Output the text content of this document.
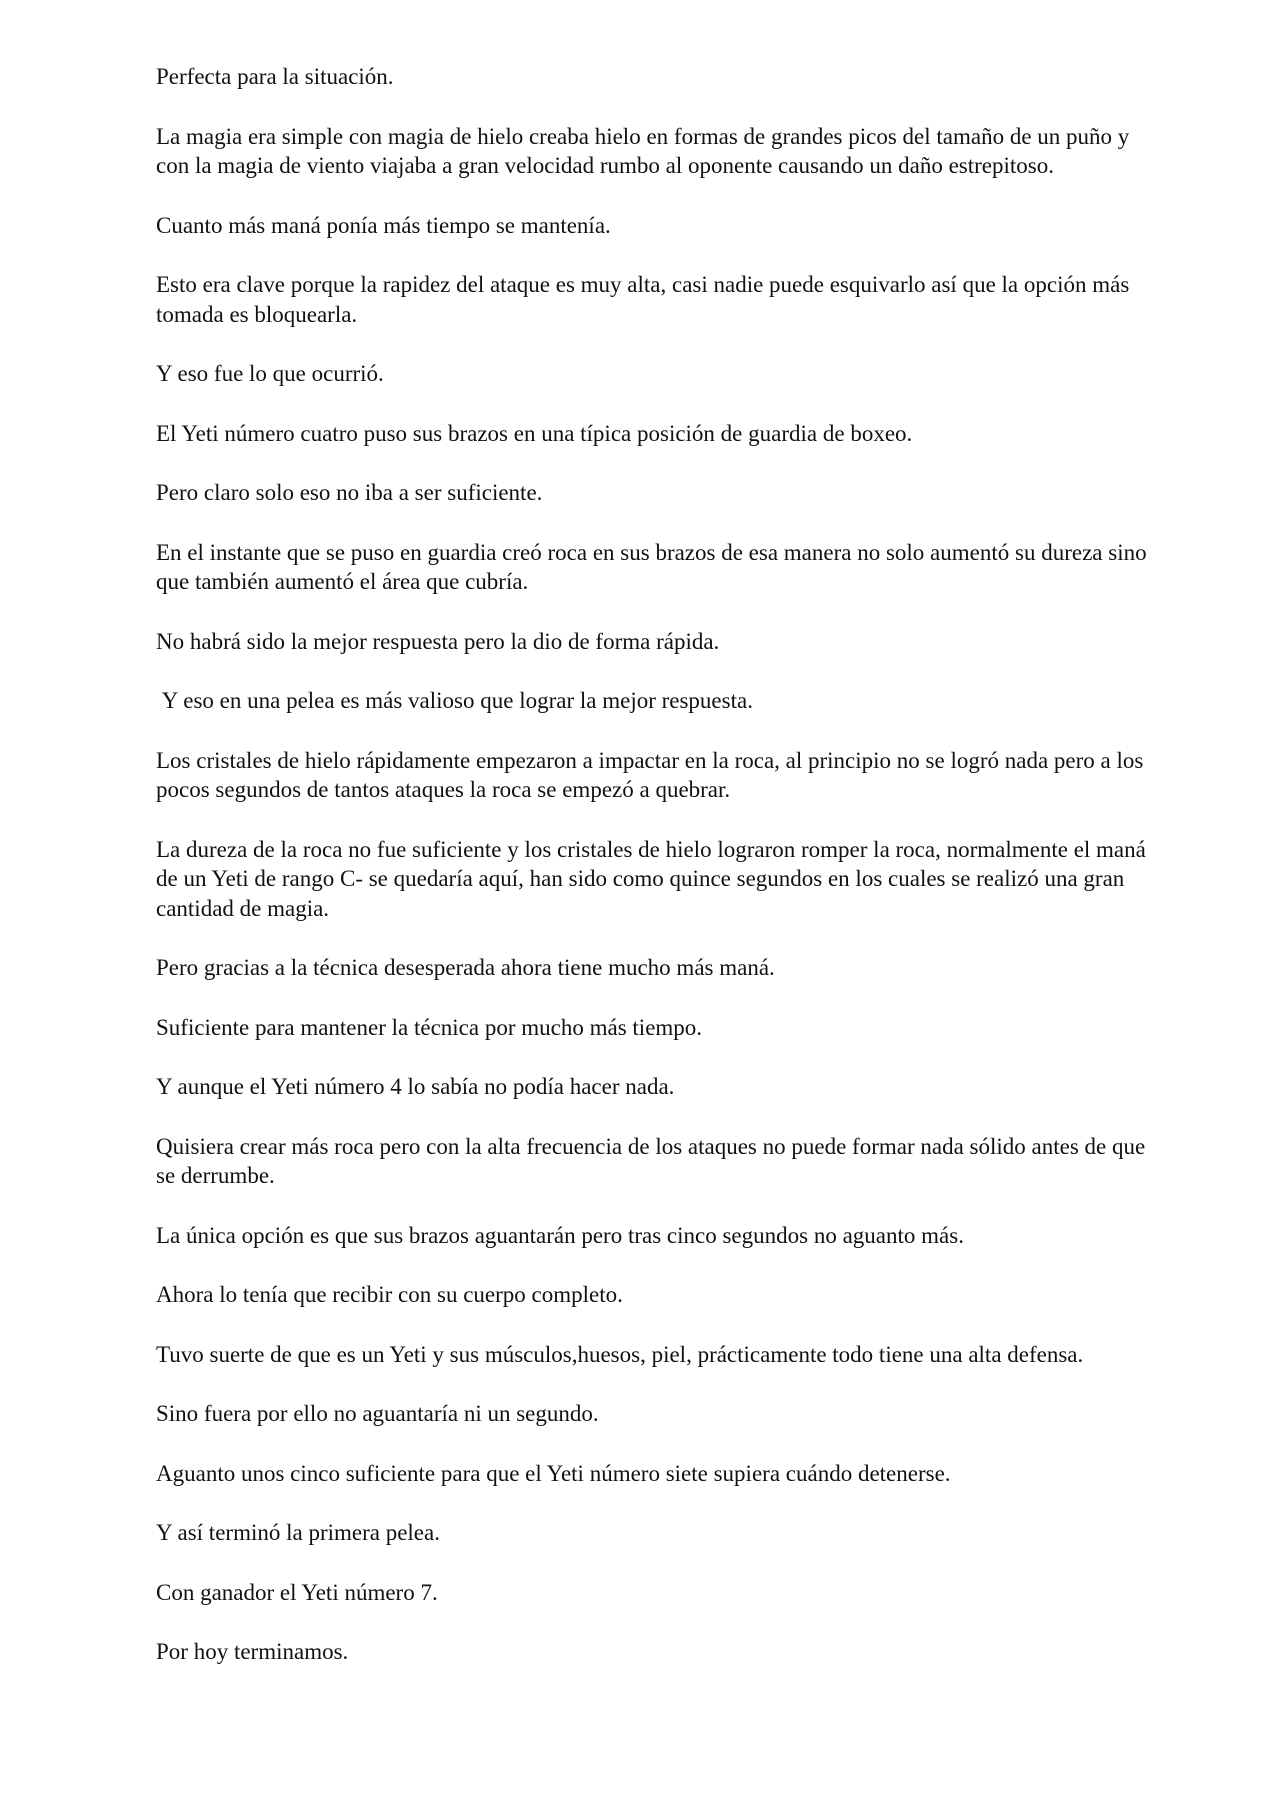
Perfecta para la situación.

La magia era simple con magia de hielo creaba hielo en formas de grandes picos del tamaño de un puño y con la magia de viento viajaba a gran velocidad rumbo al oponente causando un daño estrepitoso.

Cuanto más maná ponía más tiempo se mantenía.

Esto era clave porque la rapidez del ataque es muy alta, casi nadie puede esquivarlo así que la opción más tomada es bloquearla.

Y eso fue lo que ocurrió.

El Yeti número cuatro puso sus brazos en una típica posición de guardia de boxeo.

Pero claro solo eso no iba a ser suficiente.

En el instante que se puso en guardia creó roca en sus brazos de esa manera no solo aumentó su dureza sino que también aumentó el área que cubría.

No habrá sido la mejor respuesta pero la dio de forma rápida.

Y eso en una pelea es más valioso que lograr la mejor respuesta.

Los cristales de hielo rápidamente empezaron a impactar en la roca, al principio no se logró nada pero a los pocos segundos de tantos ataques la roca se empezó a quebrar.

La dureza de la roca no fue suficiente y los cristales de hielo lograron romper la roca, normalmente el maná de un Yeti de rango C- se quedaría aquí, han sido como quince segundos en los cuales se realizó una gran cantidad de magia.

Pero gracias a la técnica desesperada ahora tiene mucho más maná.

Suficiente para mantener la técnica por mucho más tiempo.

Y aunque el Yeti número 4 lo sabía no podía hacer nada.

Quisiera crear más roca pero con la alta frecuencia de los ataques no puede formar nada sólido antes de que se derrumbe.

La única opción es que sus brazos aguantarán pero tras cinco segundos no aguanto más.

Ahora lo tenía que recibir con su cuerpo completo.

Tuvo suerte de que es un Yeti y sus músculos,huesos, piel, prácticamente todo tiene una alta defensa.

Sino fuera por ello no aguantaría ni un segundo.

Aguanto unos cinco suficiente para que el Yeti número siete supiera cuándo detenerse.

Y así terminó la primera pelea.

Con ganador el Yeti número 7.

Por hoy terminamos.
